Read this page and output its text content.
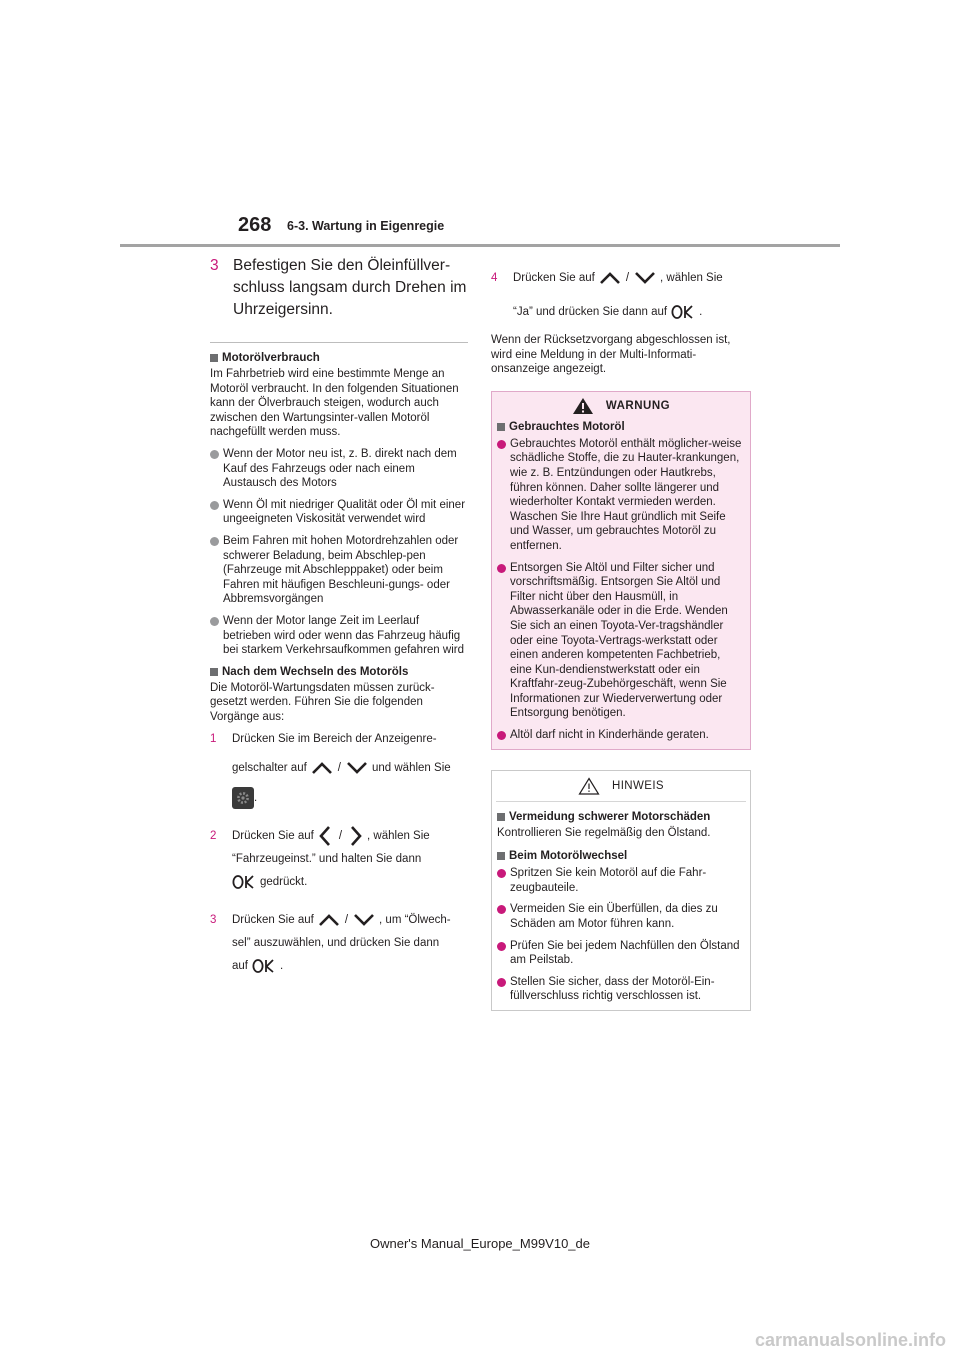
268 6-3. Wartung in Eigenregie
3 Befestigen Sie den Öleinfüllver-schluss langsam durch Drehen im Uhrzeigersinn.
Motorölverbrauch
Im Fahrbetrieb wird eine bestimmte Menge an Motoröl verbraucht. In den folgenden Situationen kann der Ölverbrauch steigen, wodurch auch zwischen den Wartungsinter-vallen Motoröl nachgefüllt werden muss.
Wenn der Motor neu ist, z. B. direkt nach dem Kauf des Fahrzeugs oder nach einem Austausch des Motors
Wenn Öl mit niedriger Qualität oder Öl mit einer ungeeigneten Viskosität verwendet wird
Beim Fahren mit hohen Motordrehzahlen oder schwerer Beladung, beim Abschlep-pen (Fahrzeuge mit Abschlepppaket) oder beim Fahren mit häufigen Beschleuni-gungs- oder Abbremsvorgängen
Wenn der Motor lange Zeit im Leerlauf betrieben wird oder wenn das Fahrzeug häufig bei starkem Verkehrsaufkommen gefahren wird
Nach dem Wechseln des Motoröls
Die Motoröl-Wartungsdaten müssen zurück-gesetzt werden. Führen Sie die folgenden Vorgänge aus:
1	Drücken Sie im Bereich der Anzeigenre-
gelschalter auf	/	und wählen Sie
.
2	Drücken Sie auf / , wählen Sie
“Fahrzeugeinst.” und halten Sie dann
gedrückt.
3	Drücken Sie auf	/	, um “Ölwech-
sel” auszuwählen, und drücken Sie dann
auf	.
4	Drücken Sie auf	/	, wählen Sie
“Ja” und drücken Sie dann auf	.
Wenn der Rücksetzvorgang abgeschlossen ist, wird eine Meldung in der Multi-Informati-onsanzeige angezeigt.
WARNUNG
Gebrauchtes Motoröl
Gebrauchtes Motoröl enthält möglicher-weise schädliche Stoffe, die zu Hauter-krankungen, wie z. B. Entzündungen oder Hautkrebs, führen können. Daher sollte längerer und wiederholter Kontakt vermieden werden. Waschen Sie Ihre Haut gründlich mit Seife und Wasser, um gebrauchtes Motoröl zu entfernen.
Entsorgen Sie Altöl und Filter sicher und vorschriftsmäßig. Entsorgen Sie Altöl und Filter nicht über den Hausmüll, in Abwasserkanäle oder in die Erde. Wenden Sie sich an einen Toyota-Ver-tragshändler oder eine Toyota-Vertrags-werkstatt oder einen anderen kompetenten Fachbetrieb, eine Kun-dendienstwerkstatt oder ein Kraftfahr-zeug-Zubehörgeschäft, wenn Sie Informationen zur Wiederverwertung oder Entsorgung benötigen.
Altöl darf nicht in Kinderhände geraten.
HINWEIS
Vermeidung schwerer Motorschäden
Kontrollieren Sie regelmäßig den Ölstand.
Beim Motorölwechsel
Spritzen Sie kein Motoröl auf die Fahr-zeugbauteile.
Vermeiden Sie ein Überfüllen, da dies zu Schäden am Motor führen kann.
Prüfen Sie bei jedem Nachfüllen den Ölstand am Peilstab.
Stellen Sie sicher, dass der Motoröl-Ein-füllverschluss richtig verschlossen ist.
Owner's Manual_Europe_M99V10_de
carmanualsonline.info
